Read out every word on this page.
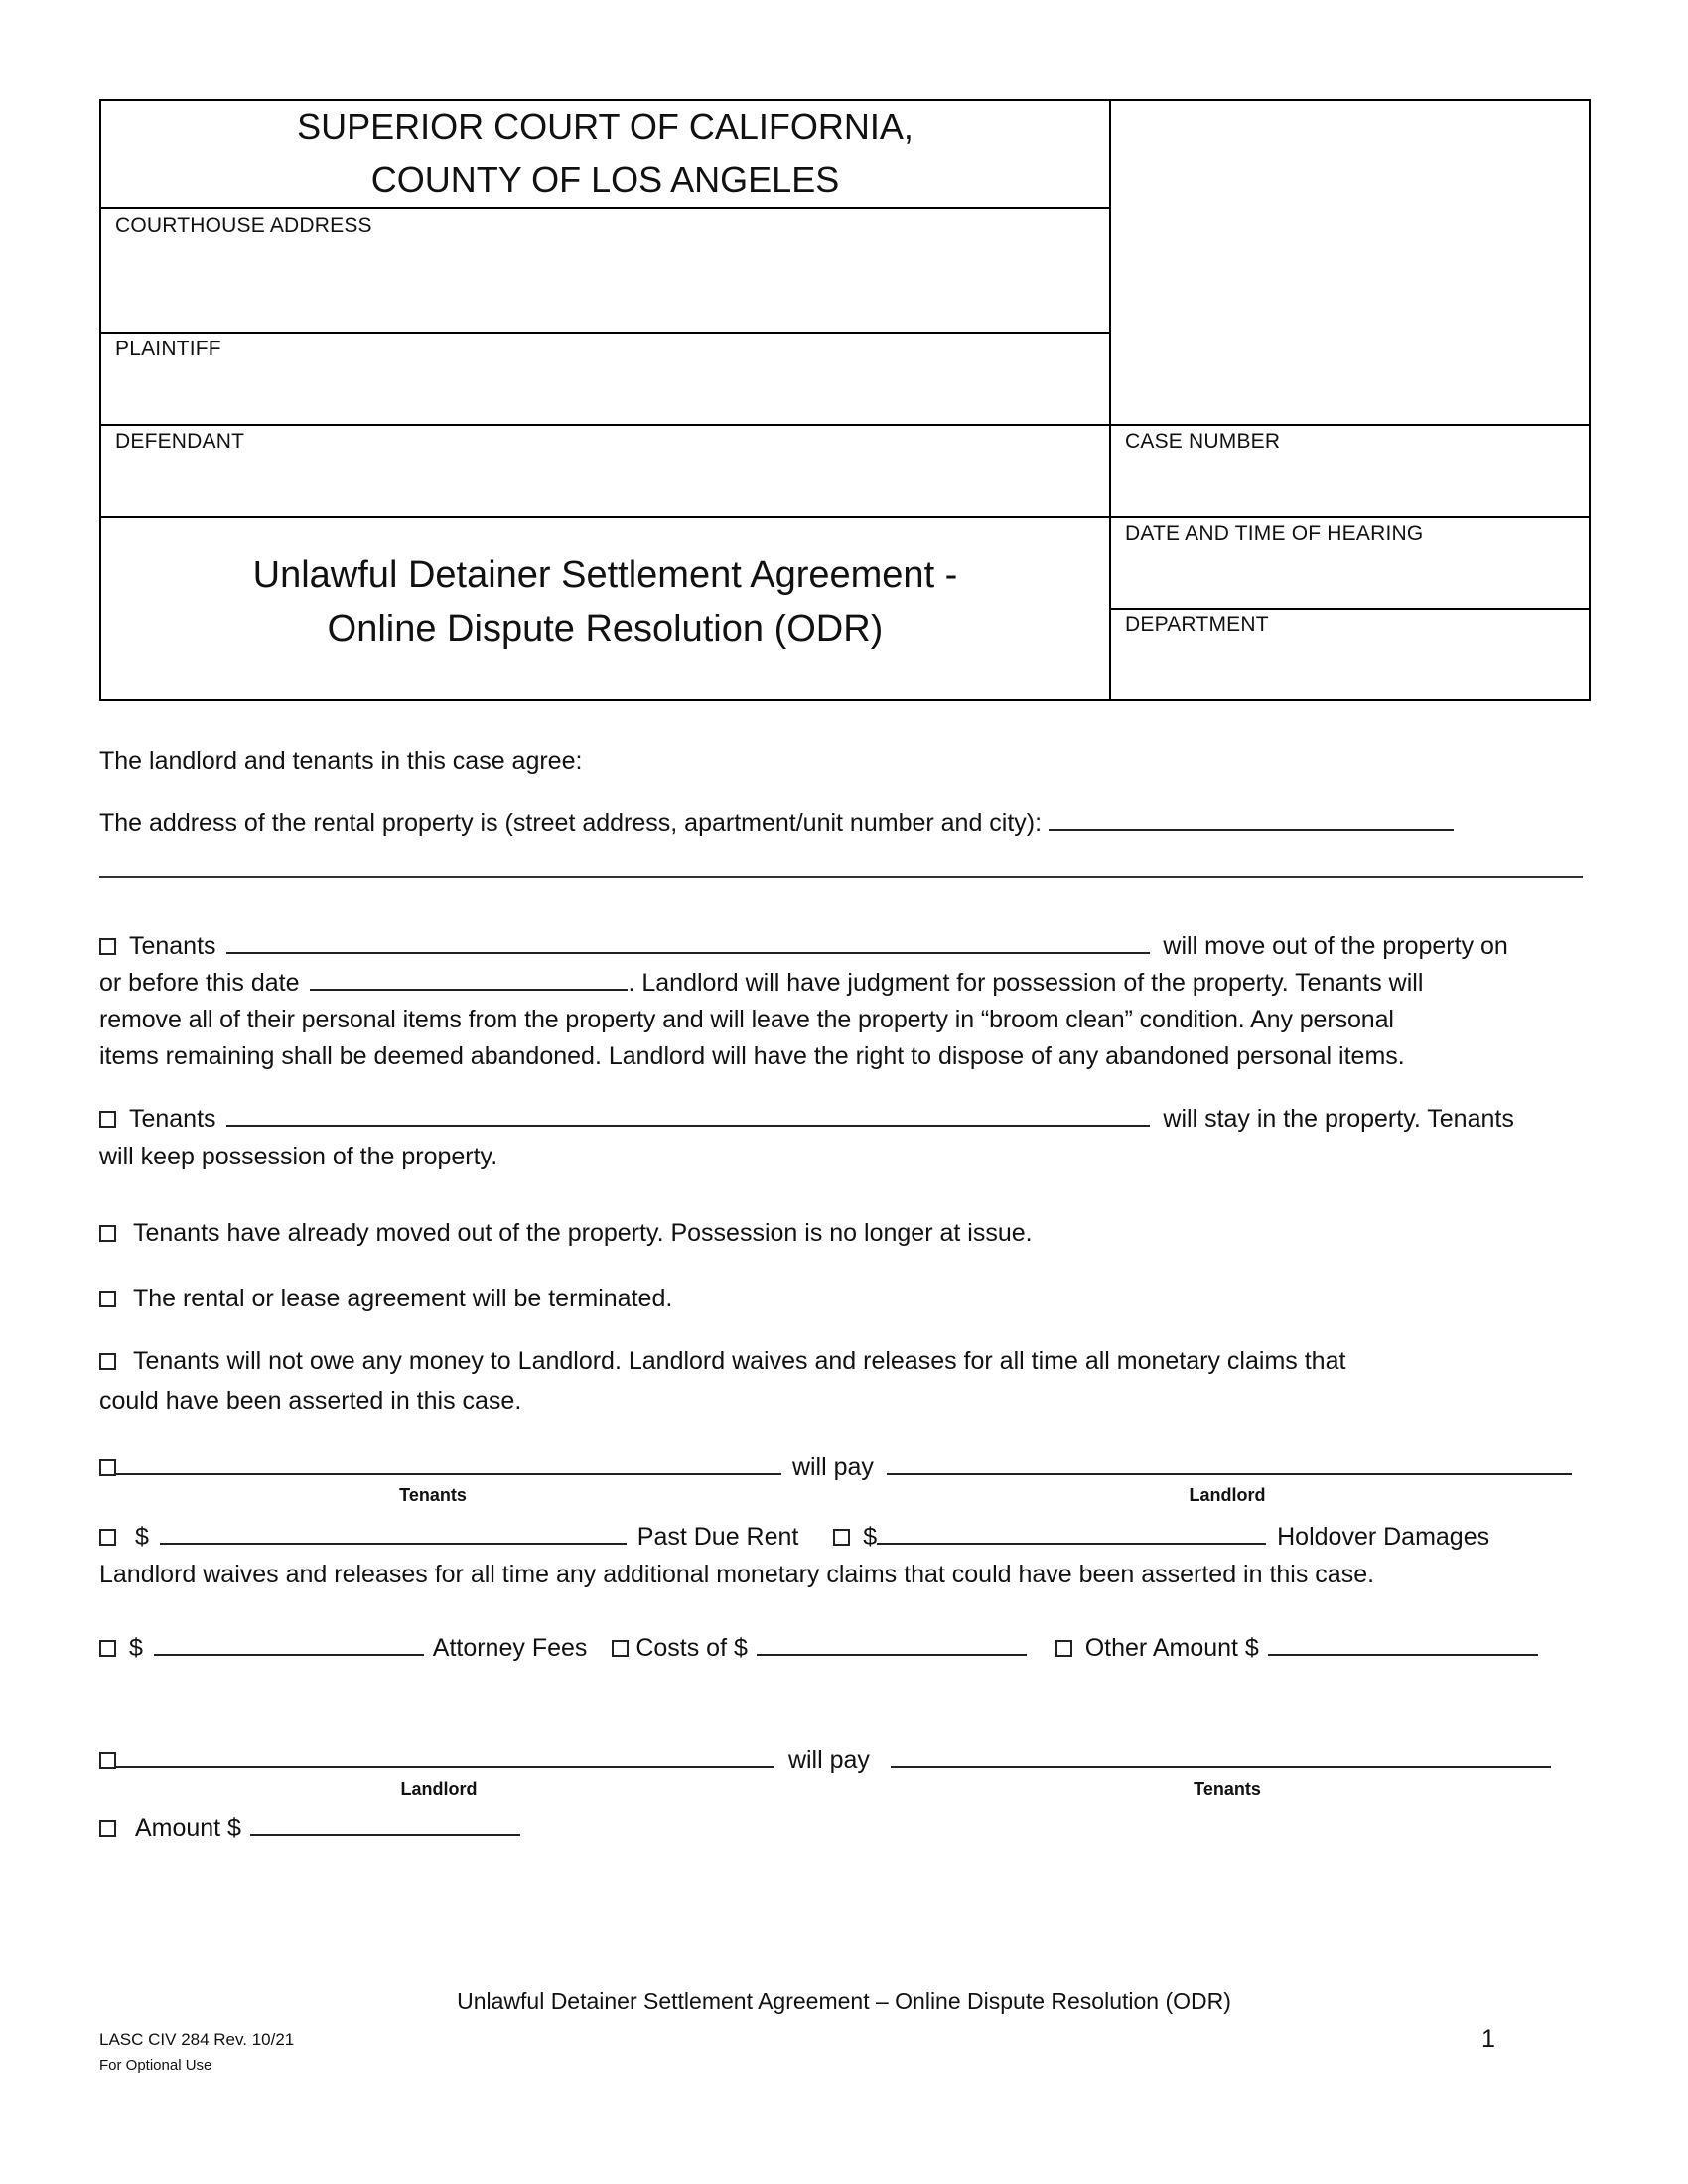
SUPERIOR COURT OF CALIFORNIA,
COUNTY OF LOS ANGELES
COURTHOUSE ADDRESS
PLAINTIFF
DEFENDANT	CASE NUMBER
DATE AND TIME OF HEARING
DEPARTMENT
Unlawful Detainer Settlement Agreement -
Online Dispute Resolution (ODR)
The landlord and tenants in this case agree:
The address of the rental property is (street address, apartment/unit number and city):
Tenants	will move out of the property on
or before this date	. Landlord will have judgment for possession of the property. Tenants will
remove all of their personal items from the property and will leave the property in “broom clean” condition. Any personal
items remaining shall be deemed abandoned. Landlord will have the right to dispose of any abandoned personal items.
Tenants	will stay in the property. Tenants
will keep possession of the property.
Tenants have already moved out of the property. Possession is no longer at issue.
The rental or lease agreement will be terminated.
Tenants will not owe any money to Landlord. Landlord waives and releases for all time all monetary claims that
could have been asserted in this case.
will pay
Tenants	Landlord
$	Past Due Rent	$	Holdover Damages
Landlord waives and releases for all time any additional monetary claims that could have been asserted in this case.
$	Attorney Fees Costs of $	Other Amount $
will pay
Landlord	Tenants
Amount $
Unlawful Detainer Settlement Agreement – Online Dispute Resolution (ODR)
LASC CIV 284 Rev. 10/21
For Optional Use
1
